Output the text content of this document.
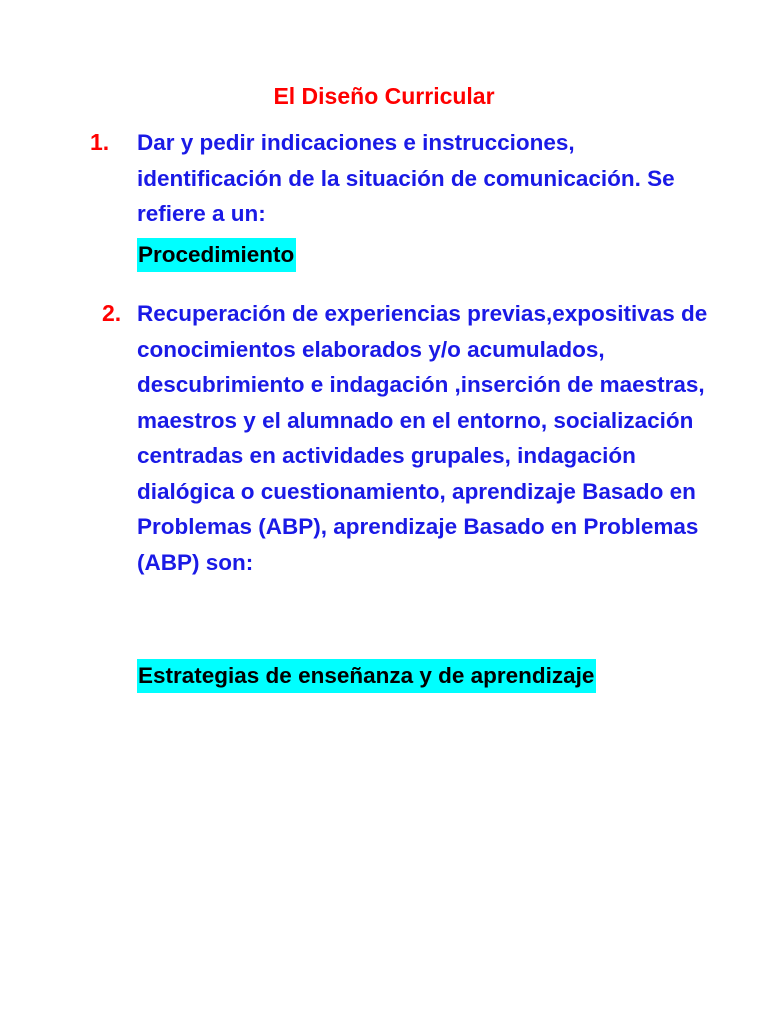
El Diseño Curricular
1. Dar y pedir indicaciones e instrucciones, identificación de la situación de comunicación. Se refiere a un:
Procedimiento
2. Recuperación de experiencias previas,expositivas de conocimientos elaborados y/o acumulados, descubrimiento e indagación ,inserción de maestras, maestros y el alumnado en el entorno, socialización centradas en actividades grupales, indagación dialógica o cuestionamiento, aprendizaje Basado en Problemas (ABP), aprendizaje Basado en Problemas (ABP) son:
Estrategias de enseñanza y de aprendizaje
